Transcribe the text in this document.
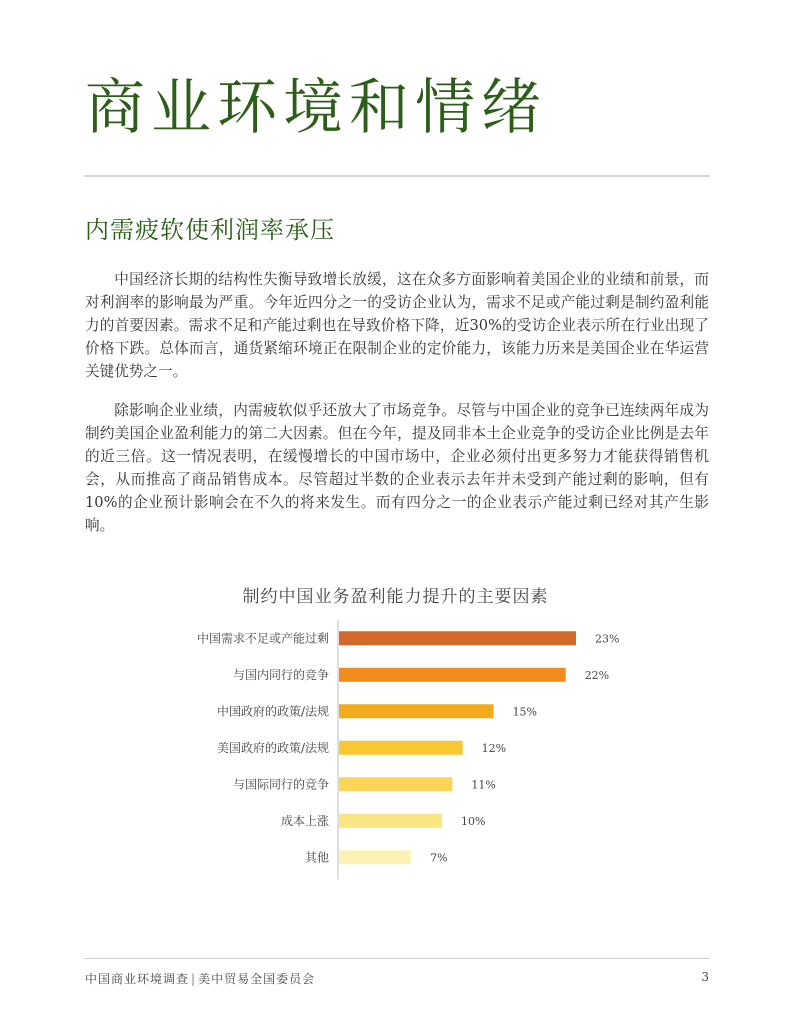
商业环境和情绪
内需疲软使利润率承压

中国经济长期的结构性失衡导致增长放缓，这在众多方面影响着美国企业的业绩和前景，而对利润率的影响最为严重。今年近四分之一的受访企业认为，需求不足或产能过剩是制约盈利能力的首要因素。需求不足和产能过剩也在导致价格下降，近30%的受访企业表示所在行业出现了价格下跌。总体而言，通货紧缩环境正在限制企业的定价能力，该能力历来是美国企业在华运营关键优势之一。

除影响企业业绩，内需疲软似乎还放大了市场竞争。尽管与中国企业的竞争已连续两年成为制约美国企业盈利能力的第二大因素。但在今年，提及同非本土企业竞争的受访企业比例是去年的近三倍。这一情况表明，在缓慢增长的中国市场中，企业必须付出更多努力才能获得销售机会，从而推高了商品销售成本。尽管超过半数的企业表示去年并未受到产能过剩的影响，但有10%的企业预计影响会在不久的将来发生。而有四分之一的企业表示产能过剩已经对其产生影响。

制约中国业务盈利能力提升的主要因素
中国需求不足或产能过剩	23%
与国内同行的竞争	22%
中国政府的政策/法规	15%
美国政府的政策/法规	12%
与国际同行的竞争	11%
成本上涨	10%
其他	7%
中国商业环境调查 | 美中贸易全国委员会	3
